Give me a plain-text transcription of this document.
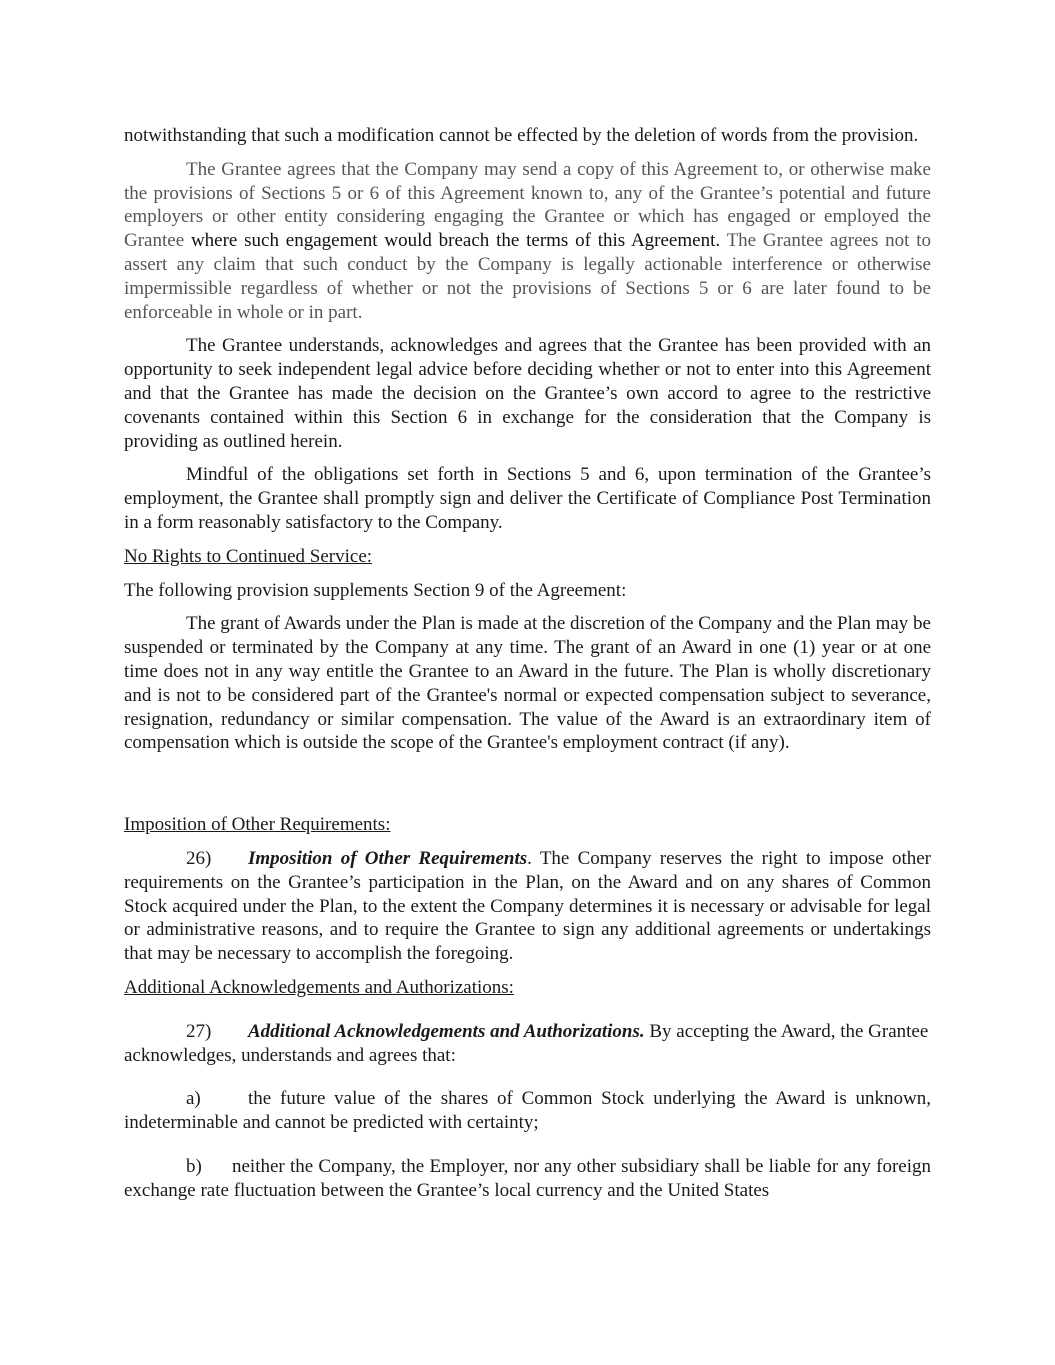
notwithstanding that such a modification cannot be effected by the deletion of words from the provision.

The Grantee agrees that the Company may send a copy of this Agreement to, or otherwise make the provisions of Sections 5 or 6 of this Agreement known to, any of the Grantee’s potential and future employers or other entity considering engaging the Grantee or which has engaged or employed the Grantee where such engagement would breach the terms of this Agreement. The Grantee agrees not to assert any claim that such conduct by the Company is legally actionable interference or otherwise impermissible regardless of whether or not the provisions of Sections 5 or 6 are later found to be enforceable in whole or in part.

The Grantee understands, acknowledges and agrees that the Grantee has been provided with an opportunity to seek independent legal advice before deciding whether or not to enter into this Agreement and that the Grantee has made the decision on the Grantee’s own accord to agree to the restrictive covenants contained within this Section 6 in exchange for the consideration that the Company is providing as outlined herein.

Mindful of the obligations set forth in Sections 5 and 6, upon termination of the Grantee’s employment, the Grantee shall promptly sign and deliver the Certificate of Compliance Post Termination in a form reasonably satisfactory to the Company.

No Rights to Continued Service:

The following provision supplements Section 9 of the Agreement:

The grant of Awards under the Plan is made at the discretion of the Company and the Plan may be suspended or terminated by the Company at any time. The grant of an Award in one (1) year or at one time does not in any way entitle the Grantee to an Award in the future. The Plan is wholly discretionary and is not to be considered part of the Grantee's normal or expected compensation subject to severance, resignation, redundancy or similar compensation. The value of the Award is an extraordinary item of compensation which is outside the scope of the Grantee's employment contract (if any).

Imposition of Other Requirements:

26) Imposition of Other Requirements. The Company reserves the right to impose other requirements on the Grantee’s participation in the Plan, on the Award and on any shares of Common Stock acquired under the Plan, to the extent the Company determines it is necessary or advisable for legal or administrative reasons, and to require the Grantee to sign any additional agreements or undertakings that may be necessary to accomplish the foregoing.

Additional Acknowledgements and Authorizations:

27) Additional Acknowledgements and Authorizations. By accepting the Award, the Grantee acknowledges, understands and agrees that:

a) the future value of the shares of Common Stock underlying the Award is unknown, indeterminable and cannot be predicted with certainty;

b) neither the Company, the Employer, nor any other subsidiary shall be liable for any foreign exchange rate fluctuation between the Grantee’s local currency and the United States
